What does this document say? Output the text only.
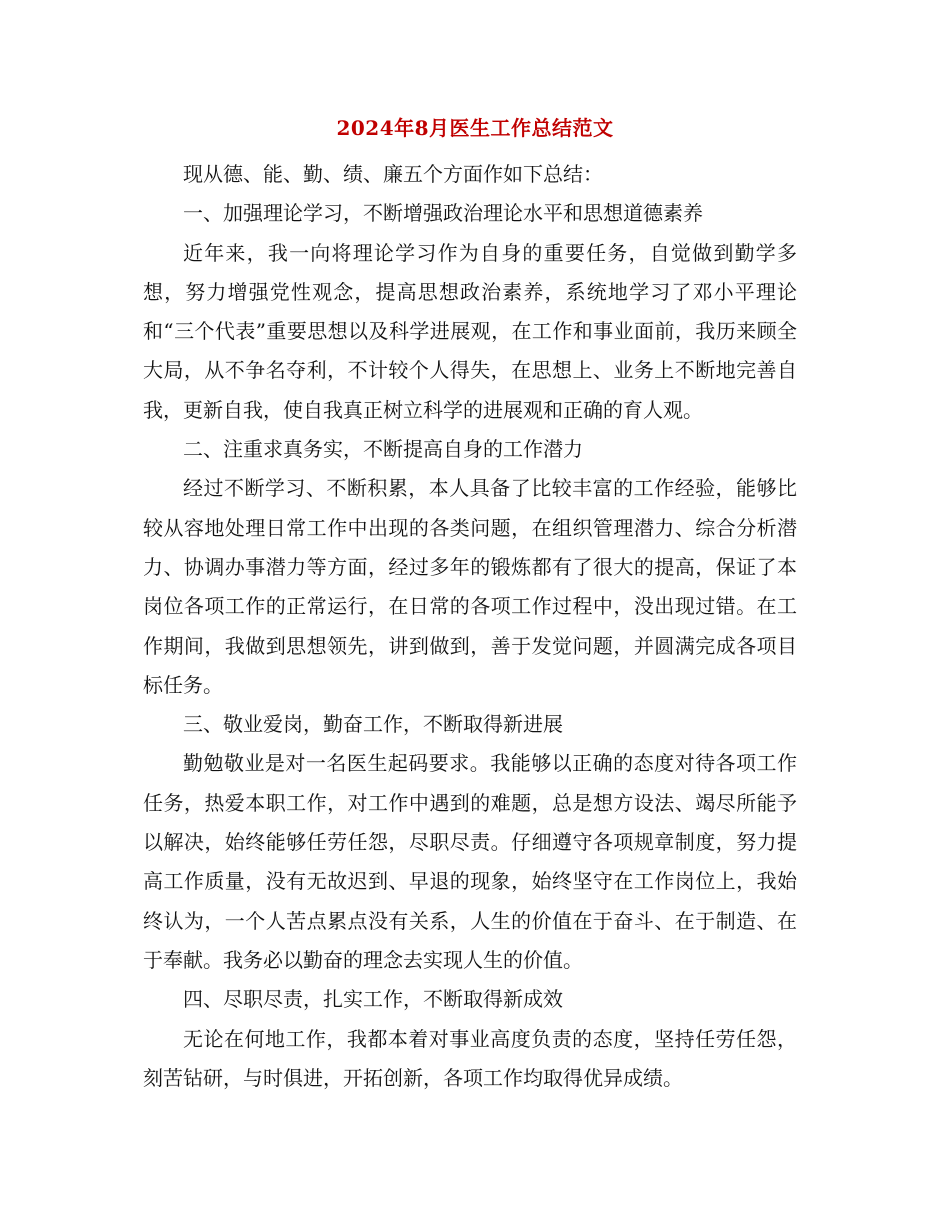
2024年8月医生工作总结范文

现从德、能、勤、绩、廉五个方面作如下总结：

一、加强理论学习，不断增强政治理论水平和思想道德素养

近年来，我一向将理论学习作为自身的重要任务，自觉做到勤学多想，努力增强党性观念，提高思想政治素养，系统地学习了邓小平理论和“三个代表”重要思想以及科学进展观，在工作和事业面前，我历来顾全大局，从不争名夺利，不计较个人得失，在思想上、业务上不断地完善自我，更新自我，使自我真正树立科学的进展观和正确的育人观。

二、注重求真务实，不断提高自身的工作潜力

经过不断学习、不断积累，本人具备了比较丰富的工作经验，能够比较从容地处理日常工作中出现的各类问题，在组织管理潜力、综合分析潜力、协调办事潜力等方面，经过多年的锻炼都有了很大的提高，保证了本岗位各项工作的正常运行，在日常的各项工作过程中，没出现过错。在工作期间，我做到思想领先，讲到做到，善于发觉问题，并圆满完成各项目标任务。

三、敬业爱岗，勤奋工作，不断取得新进展

勤勉敬业是对一名医生起码要求。我能够以正确的态度对待各项工作任务，热爱本职工作，对工作中遇到的难题，总是想方设法、竭尽所能予以解决，始终能够任劳任怨，尽职尽责。仔细遵守各项规章制度，努力提高工作质量，没有无故迟到、早退的现象，始终坚守在工作岗位上，我始终认为，一个人苦点累点没有关系，人生的价值在于奋斗、在于制造、在于奉献。我务必以勤奋的理念去实现人生的价值。

四、尽职尽责，扎实工作，不断取得新成效

无论在何地工作，我都本着对事业高度负责的态度，坚持任劳任怨，刻苦钻研，与时俱进，开拓创新，各项工作均取得优异成绩。
